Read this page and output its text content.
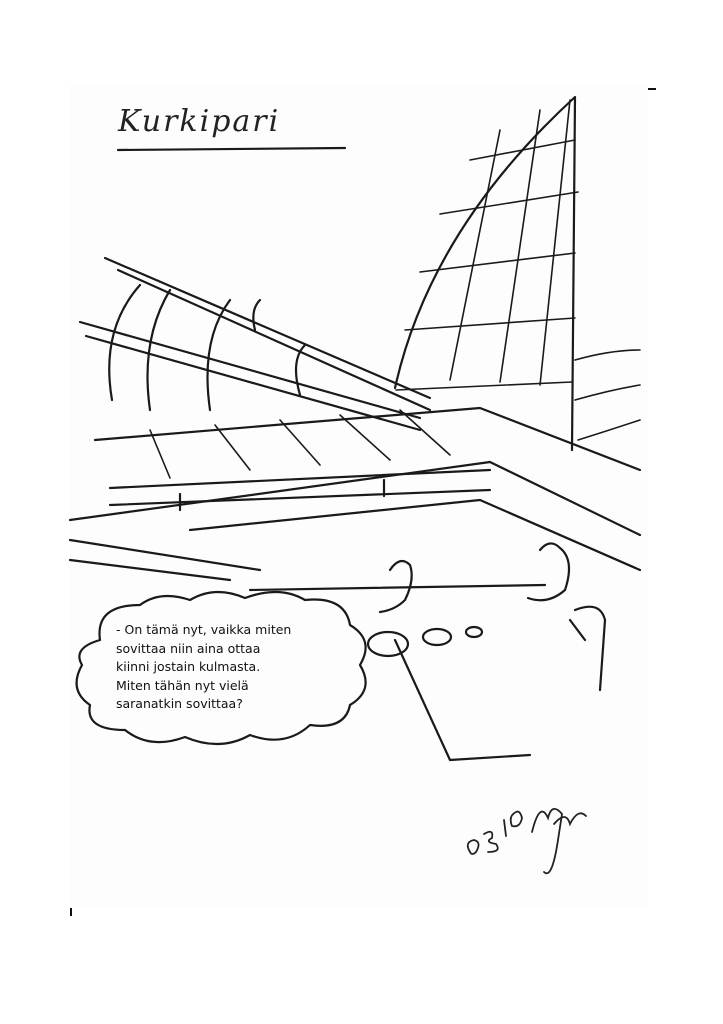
Kurkipari
- On tämä nyt, vaikka miten
sovittaa niin aina ottaa
kiinni jostain kulmasta.
Miten tähän nyt vielä
saranatkin sovittaa?
